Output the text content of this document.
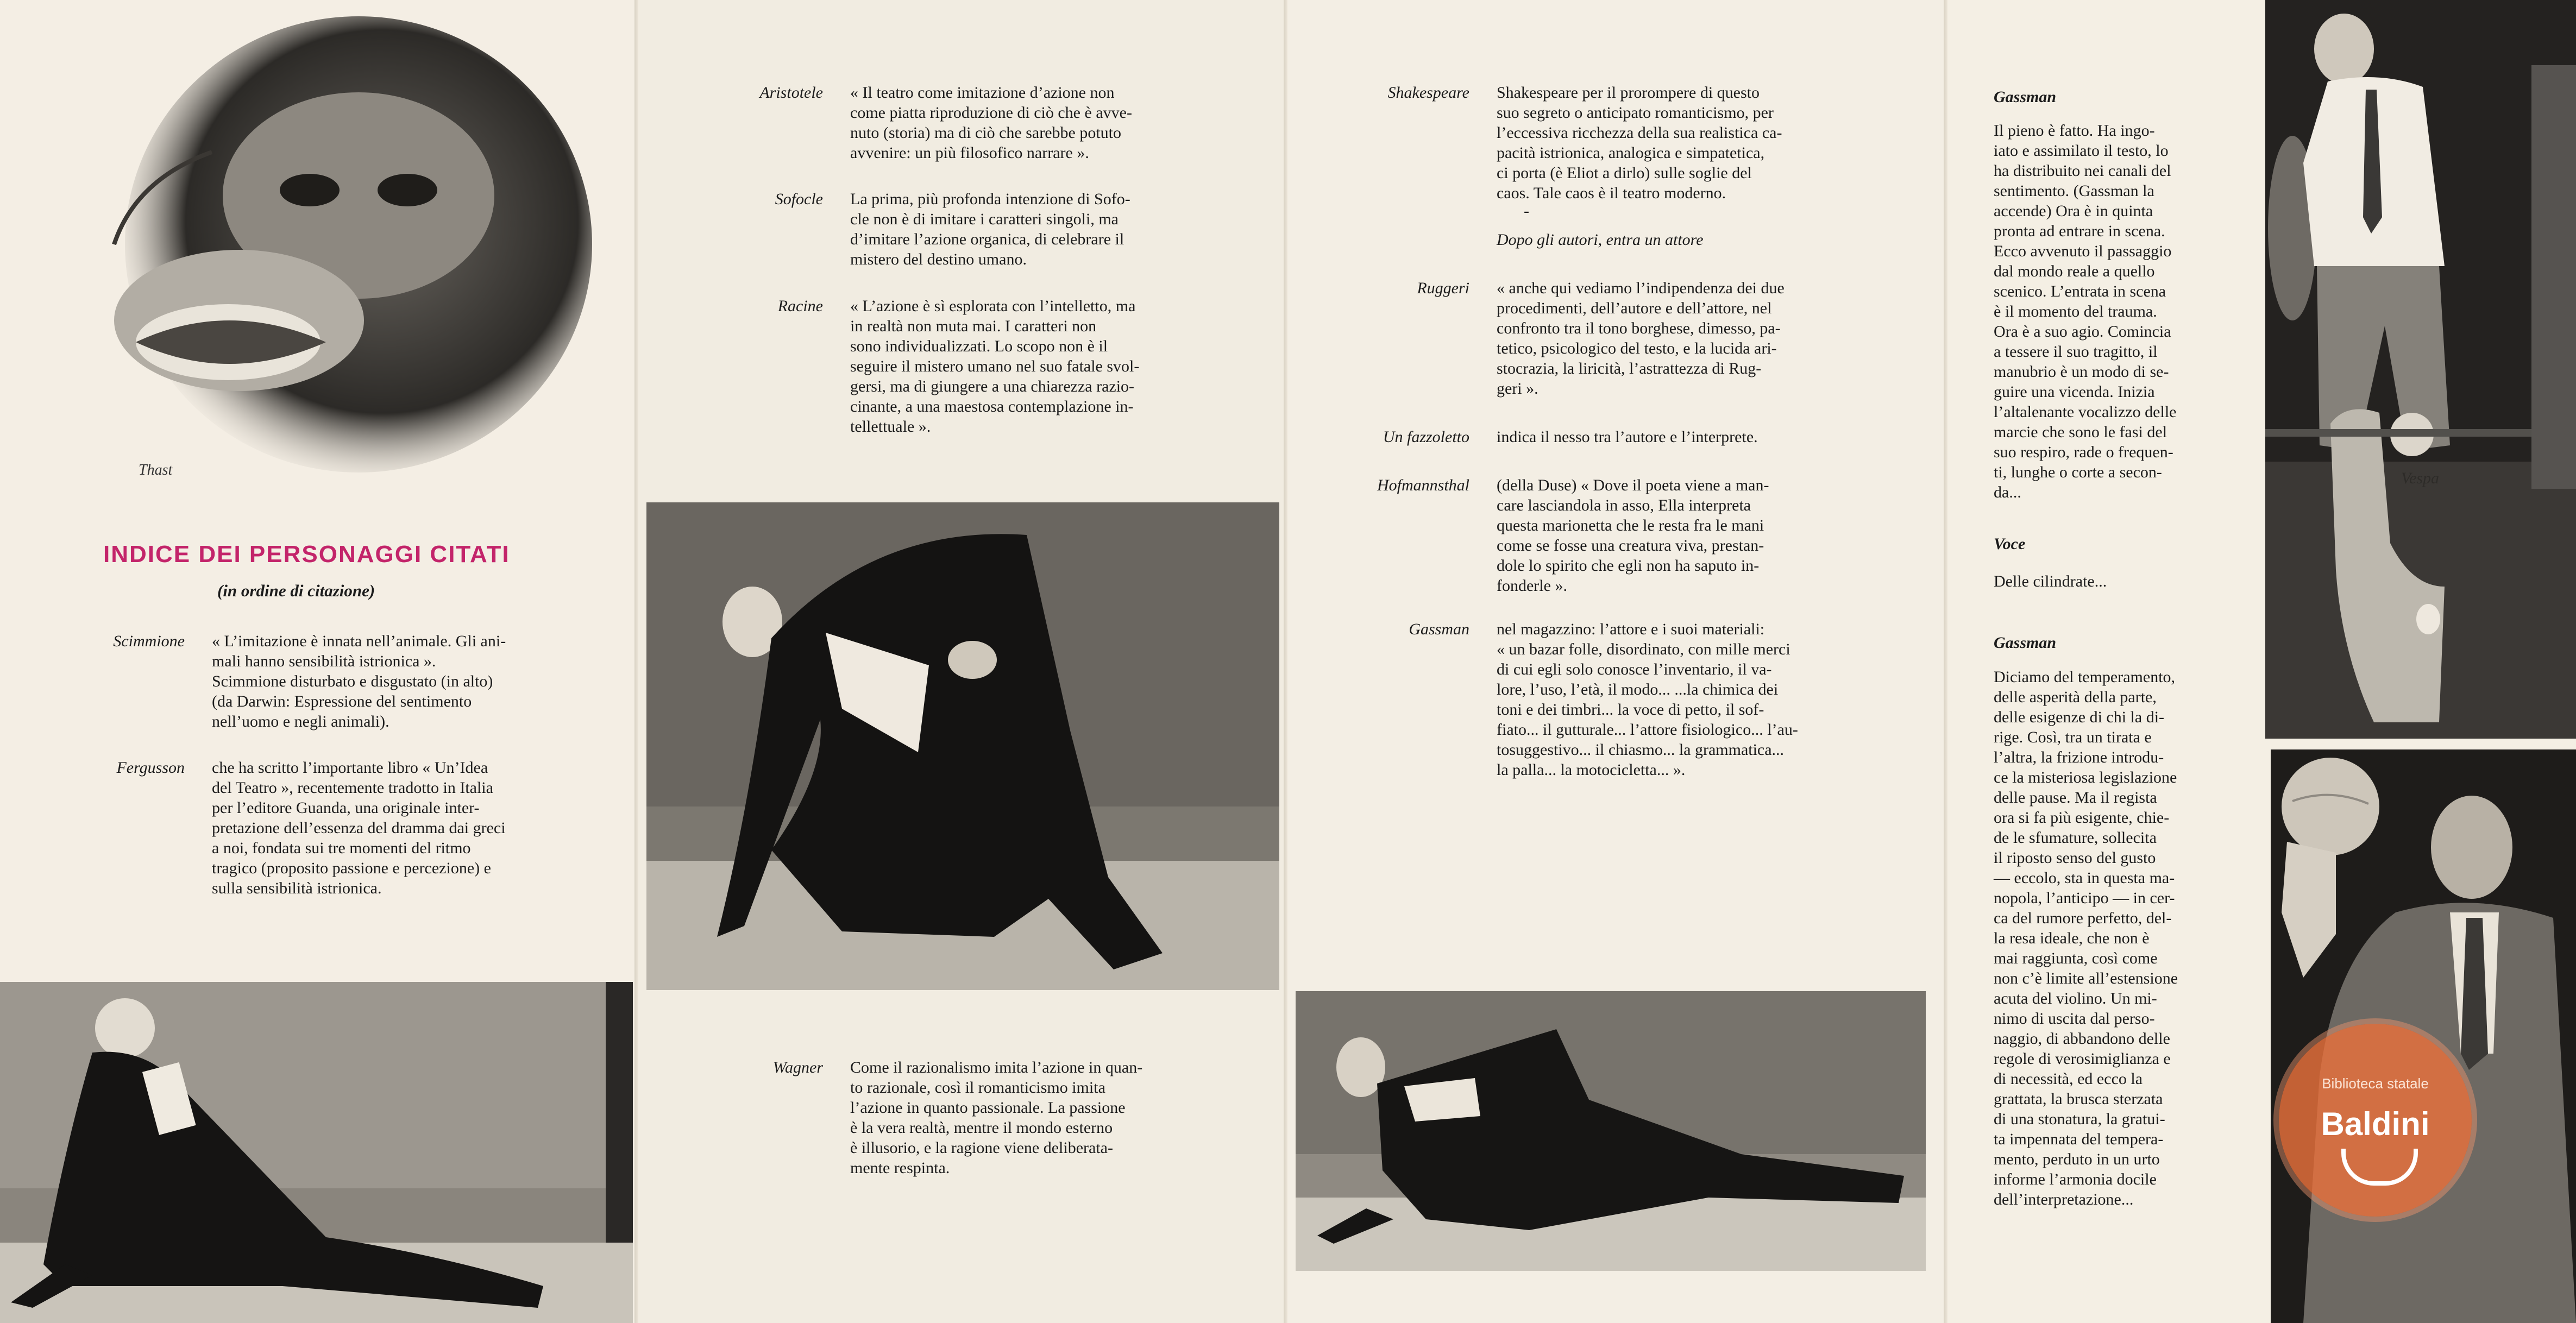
Thast
INDICE DEI PERSONAGGI CITATI
(in ordine di citazione)
Scimmione « L’imitazione è innata nell’animale. Gli ani-
mali hanno sensibilità istrionica ».
Scimmione disturbato e disgustato (in alto)
(da Darwin: Espressione del sentimento
nell’uomo e negli animali).
Fergusson che ha scritto l’importante libro « Un’Idea
del Teatro », recentemente tradotto in Italia
per l’editore Guanda, una originale inter-
pretazione dell’essenza del dramma dai greci
a noi, fondata sui tre momenti del ritmo
tragico (proposito passione e percezione) e
sulla sensibilità istrionica.
Aristotele « Il teatro come imitazione d’azione non
come piatta riproduzione di ciò che è avve-
nuto (storia) ma di ciò che sarebbe potuto
avvenire: un più filosofico narrare ».
Sofocle La prima, più profonda intenzione di Sofo-
cle non è di imitare i caratteri singoli, ma
d’imitare l’azione organica, di celebrare il
mistero del destino umano.
Racine « L’azione è sì esplorata con l’intelletto, ma
in realtà non muta mai. I caratteri non
sono individualizzati. Lo scopo non è il
seguire il mistero umano nel suo fatale svol-
gersi, ma di giungere a una chiarezza razio-
cinante, a una maestosa contemplazione in-
tellettuale ».
Wagner Come il razionalismo imita l’azione in quan-
to razionale, così il romanticismo imita
l’azione in quanto passionale. La passione
è la vera realtà, mentre il mondo esterno
è illusorio, e la ragione viene deliberata-
mente respinta.
Shakespeare Shakespeare per il prorompere di questo
suo segreto o anticipato romanticismo, per
l’eccessiva ricchezza della sua realistica ca-
pacità istrionica, analogica e simpatetica,
ci porta (è Eliot a dirlo) sulle soglie del
caos. Tale caos è il teatro moderno.
-
Dopo gli autori, entra un attore
Ruggeri « anche qui vediamo l’indipendenza dei due
procedimenti, dell’autore e dell’attore, nel
confronto tra il tono borghese, dimesso, pa-
tetico, psicologico del testo, e la lucida ari-
stocrazia, la liricità, l’astrattezza di Rug-
geri ».
Un fazzoletto indica il nesso tra l’autore e l’interprete.
Hofmannsthal (della Duse) « Dove il poeta viene a man-
care lasciandola in asso, Ella interpreta
questa marionetta che le resta fra le mani
come se fosse una creatura viva, prestan-
dole lo spirito che egli non ha saputo in-
fonderle ».
Gassman nel magazzino: l’attore e i suoi materiali:
« un bazar folle, disordinato, con mille merci
di cui egli solo conosce l’inventario, il va-
lore, l’uso, l’età, il modo... ...la chimica dei
toni e dei timbri... la voce di petto, il sof-
fiato... il gutturale... l’attore fisiologico... l’au-
tosuggestivo... il chiasmo... la grammatica...
la palla... la motocicletta... ».
Gassman
Il pieno è fatto. Ha ingo-
iato e assimilato il testo, lo
ha distribuito nei canali del
sentimento. (Gassman la
accende) Ora è in quinta
pronta ad entrare in scena.
Ecco avvenuto il passaggio
dal mondo reale a quello
scenico. L’entrata in scena
è il momento del trauma.
Ora è a suo agio. Comincia
a tessere il suo tragitto, il
manubrio è un modo di se-
guire una vicenda. Inizia
l’altalenante vocalizzo delle
marcie che sono le fasi del
suo respiro, rade o frequen-
ti, lunghe o corte a secon-
da...
Voce
Delle cilindrate...
Gassman
Diciamo del temperamento,
delle asperità della parte,
delle esigenze di chi la di-
rige. Così, tra un tirata e
l’altra, la frizione introdu-
ce la misteriosa legislazione
delle pause. Ma il regista
ora si fa più esigente, chie-
de le sfumature, sollecita
il riposto senso del gusto
— eccolo, sta in questa ma-
nopola, l’anticipo — in cer-
ca del rumore perfetto, del-
la resa ideale, che non è
mai raggiunta, così come
non c’è limite all’estensione
acuta del violino. Un mi-
nimo di uscita dal perso-
naggio, di abbandono delle
regole di verosimiglianza e
di necessità, ed ecco la
grattata, la brusca sterzata
di una stonatura, la gratui-
ta impennata del tempera-
mento, perduto in un urto
informe l’armonia docile
dell’interpretazione...
Vespa
Biblioteca statale
Baldini
